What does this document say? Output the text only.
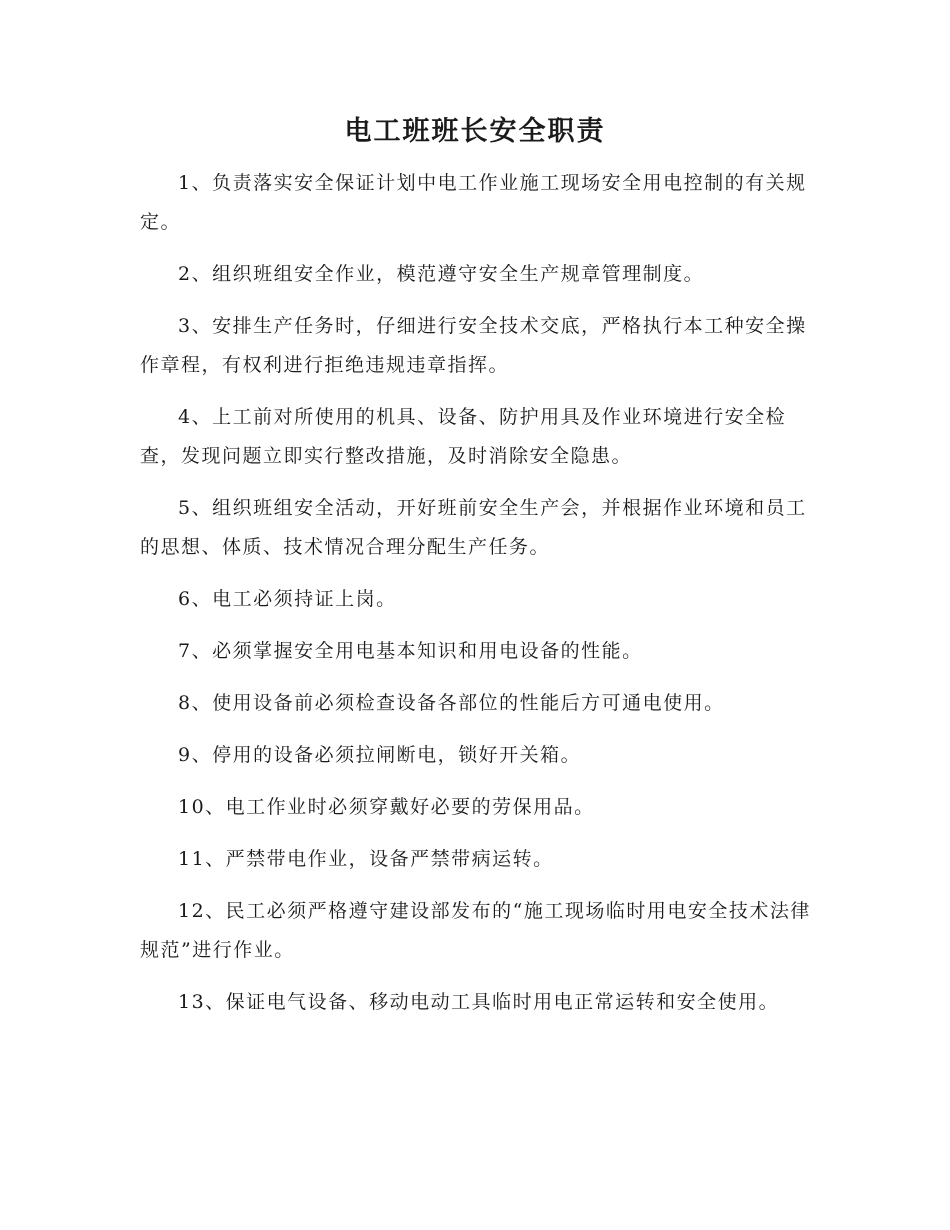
电工班班长安全职责

1、负责落实安全保证计划中电工作业施工现场安全用电控制的有关规定。

2、组织班组安全作业，模范遵守安全生产规章管理制度。

3、安排生产任务时，仔细进行安全技术交底，严格执行本工种安全操作章程，有权利进行拒绝违规违章指挥。

4、上工前对所使用的机具、设备、防护用具及作业环境进行安全检查，发现问题立即实行整改措施，及时消除安全隐患。

5、组织班组安全活动，开好班前安全生产会，并根据作业环境和员工的思想、体质、技术情况合理分配生产任务。

6、电工必须持证上岗。

7、必须掌握安全用电基本知识和用电设备的性能。

8、使用设备前必须检查设备各部位的性能后方可通电使用。

9、停用的设备必须拉闸断电，锁好开关箱。

10、电工作业时必须穿戴好必要的劳保用品。

11、严禁带电作业，设备严禁带病运转。

12、民工必须严格遵守建设部发布的“施工现场临时用电安全技术法律规范”进行作业。

13、保证电气设备、移动电动工具临时用电正常运转和安全使用。
